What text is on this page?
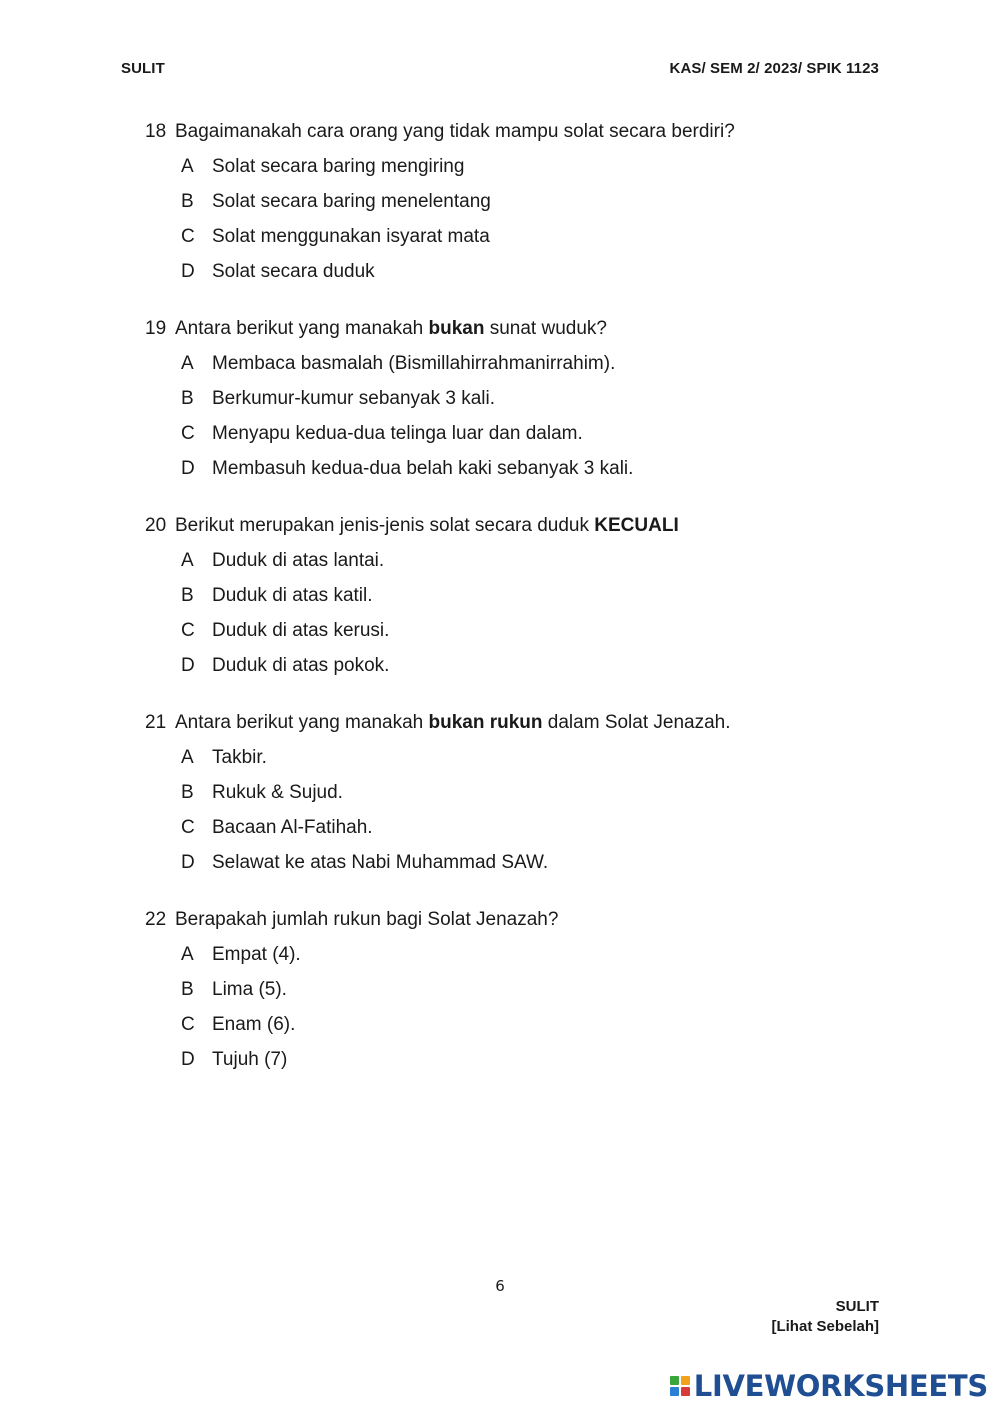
SULIT	KAS/ SEM 2/ 2023/ SPIK 1123
18 Bagaimanakah cara orang yang tidak mampu solat secara berdiri?
A Solat secara baring mengiring
B Solat secara baring menelentang
C Solat menggunakan isyarat mata
D Solat secara duduk
19 Antara berikut yang manakah bukan sunat wuduk?
A Membaca basmalah (Bismillahirrahmanirrahim).
B Berkumur-kumur sebanyak 3 kali.
C Menyapu kedua-dua telinga luar dan dalam.
D Membasuh kedua-dua belah kaki sebanyak 3 kali.
20 Berikut merupakan jenis-jenis solat secara duduk KECUALI
A Duduk di atas lantai.
B Duduk di atas katil.
C Duduk di atas kerusi.
D Duduk di atas pokok.
21 Antara berikut yang manakah bukan rukun dalam Solat Jenazah.
A Takbir.
B Rukuk & Sujud.
C Bacaan Al-Fatihah.
D Selawat ke atas Nabi Muhammad SAW.
22 Berapakah jumlah rukun bagi Solat Jenazah?
A Empat (4).
B Lima (5).
C Enam (6).
D Tujuh (7)
6
SULIT
[Lihat Sebelah]
LIVEWORKSHEETS
